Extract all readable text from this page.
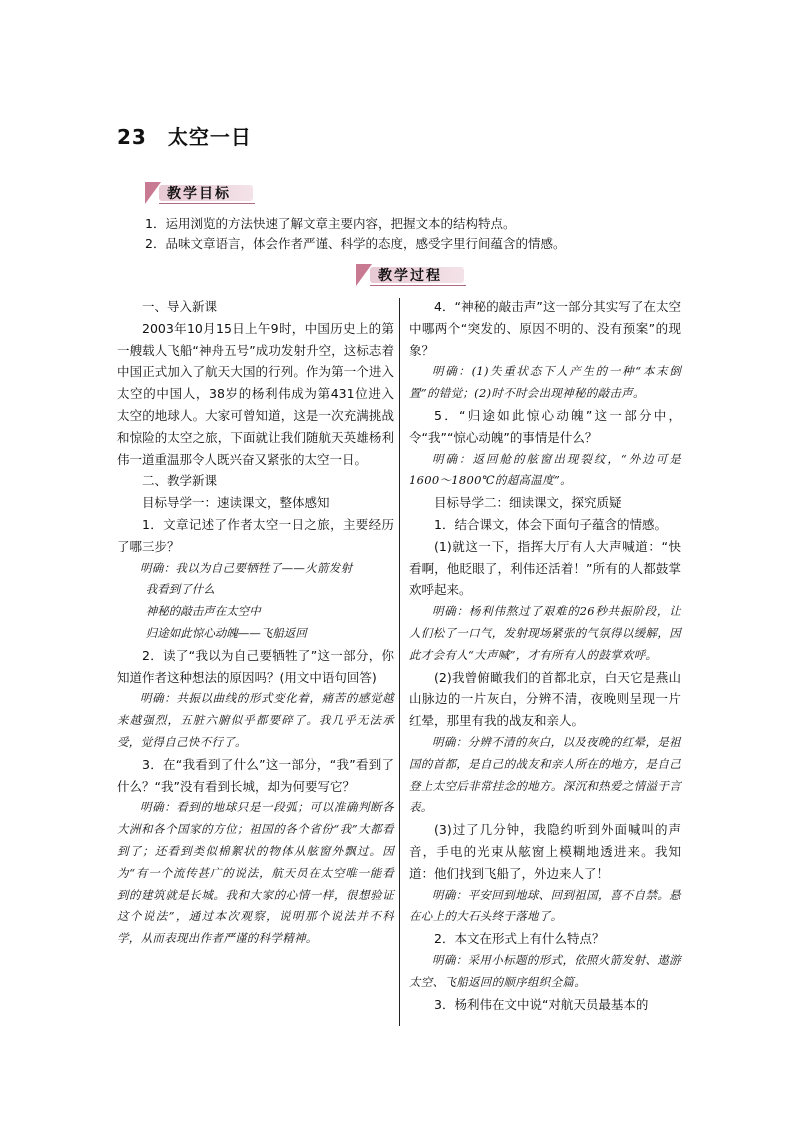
23　太空一日
教学目标
1．运用浏览的方法快速了解文章主要内容，把握文本的结构特点。
2．品味文章语言，体会作者严谨、科学的态度，感受字里行间蕴含的情感。
教学过程

一、导入新课

2003年10月15日上午9时，中国历史上的第一艘载人飞船“神舟五号”成功发射升空，这标志着中国正式加入了航天大国的行列。作为第一个进入太空的中国人，38岁的杨利伟成为第431位进入太空的地球人。大家可曾知道，这是一次充满挑战和惊险的太空之旅，下面就让我们随航天英雄杨利伟一道重温那令人既兴奋又紧张的太空一日。

二、教学新课

目标导学一：速读课文，整体感知

1．文章记述了作者太空一日之旅，主要经历了哪三步？

明确：我以为自己要牺牲了——火箭发射

我看到了什么

神秘的敲击声在太空中

归途如此惊心动魄——飞船返回

2．读了“我以为自己要牺牲了”这一部分，你知道作者这种想法的原因吗？(用文中语句回答)

明确：共振以曲线的形式变化着，痛苦的感觉越来越强烈，五脏六腑似乎都要碎了。我几乎无法承受，觉得自己快不行了。

3．在“我看到了什么”这一部分，“我”看到了什么？“我”没有看到长城，却为何要写它？

明确：看到的地球只是一段弧；可以准确判断各大洲和各个国家的方位；祖国的各个省份“我”大都看到了；还看到类似棉絮状的物体从舷窗外飘过。因为“有一个流传甚广的说法，航天员在太空唯一能看到的建筑就是长城。我和大家的心情一样，很想验证这个说法”，通过本次观察，说明那个说法并不科学，从而表现出作者严谨的科学精神。

4．“神秘的敲击声”这一部分其实写了在太空中哪两个“突发的、原因不明的、没有预案”的现象？

明确：(1)失重状态下人产生的一种“本末倒置”的错觉；(2)时不时会出现神秘的敲击声。

5．“归途如此惊心动魄”这一部分中，令“我”“惊心动魄”的事情是什么？

明确：返回舱的舷窗出现裂纹，“外边可是1600～1800℃的超高温度”。

目标导学二：细读课文，探究质疑

1．结合课文，体会下面句子蕴含的情感。

(1)就这一下，指挥大厅有人大声喊道：“快看啊，他眨眼了，利伟还活着！”所有的人都鼓掌欢呼起来。

明确：杨利伟熬过了艰难的26秒共振阶段，让人们松了一口气，发射现场紧张的气氛得以缓解，因此才会有人“大声喊”，才有所有人的鼓掌欢呼。

(2)我曾俯瞰我们的首都北京，白天它是燕山山脉边的一片灰白，分辨不清，夜晚则呈现一片红晕，那里有我的战友和亲人。

明确：分辨不清的灰白，以及夜晚的红晕，是祖国的首都，是自己的战友和亲人所在的地方，是自己登上太空后非常挂念的地方。深沉和热爱之情溢于言表。

(3)过了几分钟，我隐约听到外面喊叫的声音，手电的光束从舷窗上模糊地透进来。我知道：他们找到飞船了，外边来人了！

明确：平安回到地球、回到祖国，喜不自禁。悬在心上的大石头终于落地了。

2．本文在形式上有什么特点？

明确：采用小标题的形式，依照火箭发射、遨游太空、飞船返回的顺序组织全篇。

3．杨利伟在文中说“对航天员最基本的
